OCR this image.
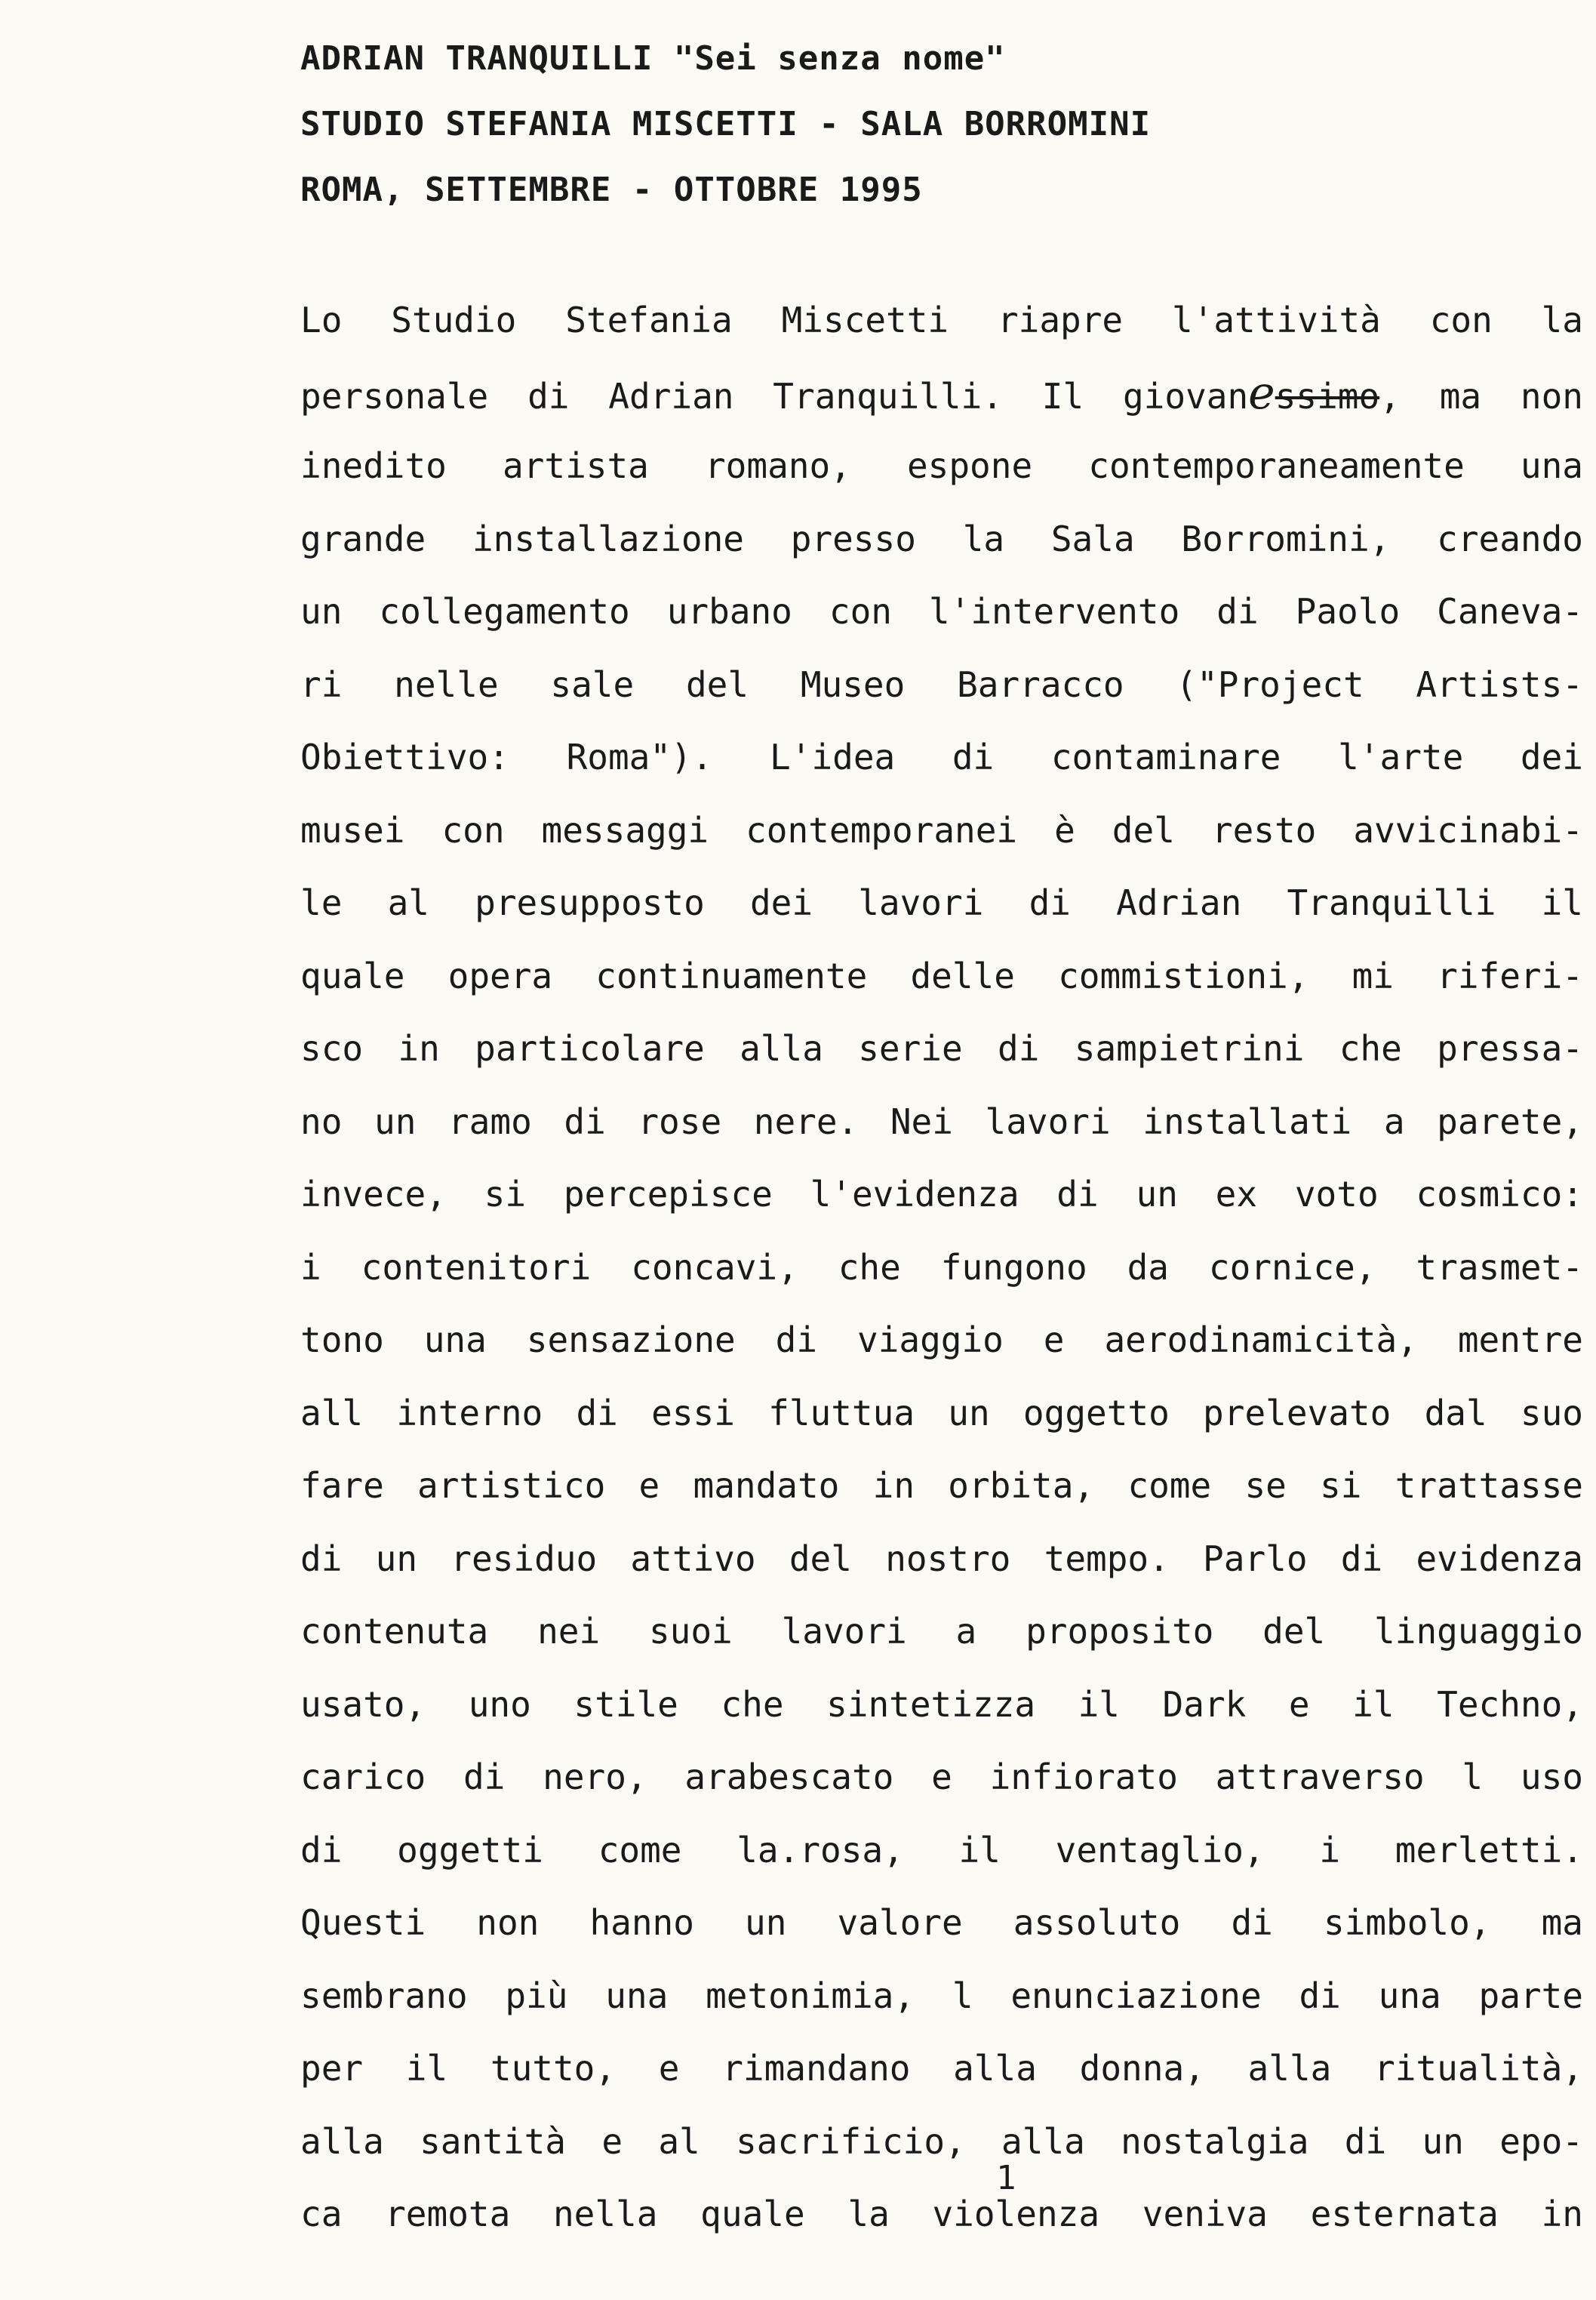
ADRIAN TRANQUILLI "Sei senza nome"
STUDIO STEFANIA MISCETTI - SALA BORROMINI
ROMA, SETTEMBRE - OTTOBRE 1995
Lo Studio Stefania Miscetti riapre l'attività con la
personale di Adrian Tranquilli. Il giovanessimo, ma non
inedito artista romano, espone contemporaneamente una
grande installazione presso la Sala Borromini, creando
un collegamento urbano con l'intervento di Paolo Caneva-
ri nelle sale del Museo Barracco ("Project Artists-
Obiettivo: Roma"). L'idea di contaminare l'arte dei
musei con messaggi contemporanei è del resto avvicinabi-
le al presupposto dei lavori di Adrian Tranquilli il
quale opera continuamente delle commistioni, mi riferi-
sco in particolare alla serie di sampietrini che pressa-
no un ramo di rose nere. Nei lavori installati a parete,
invece, si percepisce l'evidenza di un ex voto cosmico:
i contenitori concavi, che fungono da cornice, trasmet-
tono una sensazione di viaggio e aerodinamicità, mentre
all interno di essi fluttua un oggetto prelevato dal suo
fare artistico e mandato in orbita, come se si trattasse
di un residuo attivo del nostro tempo. Parlo di evidenza
contenuta nei suoi lavori a proposito del linguaggio
usato, uno stile che sintetizza il Dark e il Techno,
carico di nero, arabescato e infiorato attraverso l uso
di oggetti come la.rosa, il ventaglio, i merletti.
Questi non hanno un valore assoluto di simbolo, ma
sembrano più una metonimia, l enunciazione di una parte
per il tutto, e rimandano alla donna, alla ritualità,
alla santità e al sacrificio, alla nostalgia di un epo-
ca remota nella quale la violenza veniva esternata in
1
